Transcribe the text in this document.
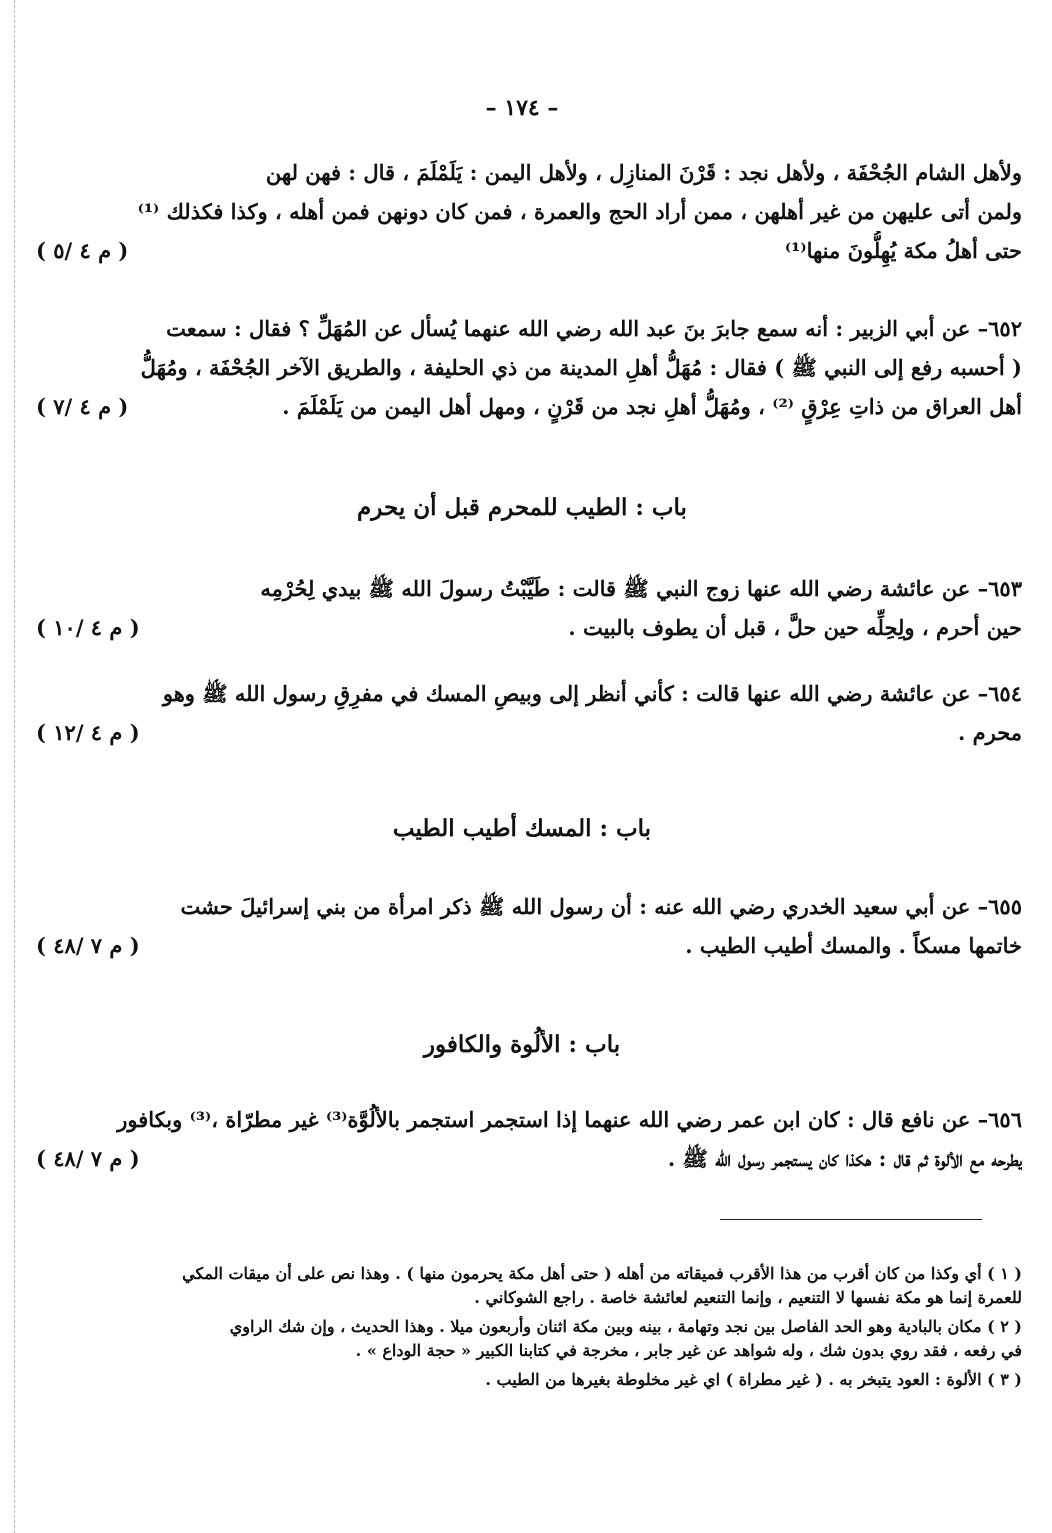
– ١٧٤ –
ولأهل الشام الجُحْفَة ، ولأهل نجد : قَرْنَ المنازِل ، ولأهل اليمن : يَلَمْلَمَ ، قال : فهن لهن
ولمن أتى عليهن من غير أهلهن ، ممن أراد الحج والعمرة ، فمن كان دونهن فمن أهله ، وكذا فكذلك ⁽¹⁾
حتى أهلُ مكة يُهِلُّونَ منها⁽¹⁾
( م ٤ /٥ )
٦٥٢– عن أبي الزبير : أنه سمع جابرَ بنَ عبد الله رضي الله عنهما يُسأل عن المُهَلِّ ؟ فقال : سمعت
( أحسبه رفع إلى النبي ﷺ ) فقال : مُهَلُّ أهلِ المدينة من ذي الحليفة ، والطريق الآخر الجُحْفَة ، ومُهَلُّ
أهل العراق من ذاتِ عِرْقٍ ⁽²⁾ ، ومُهَلُّ أهلِ نجد من قَرْنٍ ، ومهل أهل اليمن من يَلَمْلَمَ .
( م ٤ /٧ )
باب : الطيب للمحرم قبل أن يحرم
٦٥٣– عن عائشة رضي الله عنها زوج النبي ﷺ قالت : طَيَّبْتُ رسولَ الله ﷺ بيدي لِحُرْمِه
حين أحرم ، ولِحِلِّه حين حلَّ ، قبل أن يطوف بالبيت .
( م ٤ /١٠ )
٦٥٤– عن عائشة رضي الله عنها قالت : كأني أنظر إلى وبيصِ المسك في مفرِقِ رسول الله ﷺ وهو
محرم .
( م ٤ /١٢ )
باب : المسك أطيب الطيب
٦٥٥– عن أبي سعيد الخدري رضي الله عنه : أن رسول الله ﷺ ذكر امرأة من بني إسرائيلَ حشت
خاتمها مسكاً . والمسك أطيب الطيب .
( م ٧ /٤٨ )
باب : الألُوة والكافور
٦٥٦– عن نافع قال : كان ابن عمر رضي الله عنهما إذا استجمر استجمر بالألُوَّة⁽³⁾ غير مطرّاة ،⁽³⁾ وبكافور
يطرحه مع الألوة ثم قال : هكذا كان يستجمر رسول الله ﷺ .
( م ٧ /٤٨ )
( ١ ) أي وكذا من كان أقرب من هذا الأقرب فميقاته من أهله ( حتى أهل مكة يحرمون منها ) . وهذا نص على أن ميقات المكي
للعمرة إنما هو مكة نفسها لا التنعيم ، وإنما التنعيم لعائشة خاصة . راجع الشوكاني .
( ٢ ) مكان بالبادية وهو الحد الفاصل بين نجد وتهامة ، بينه وبين مكة اثنان وأربعون ميلا . وهذا الحديث ، وإن شك الراوي
في رفعه ، فقد روي بدون شك ، وله شواهد عن غير جابر ، مخرجة في كتابنا الكبير « حجة الوداع » .
( ٣ ) الألوة : العود يتبخر به . ( غير مطراة ) اي غير مخلوطة بغيرها من الطيب .
